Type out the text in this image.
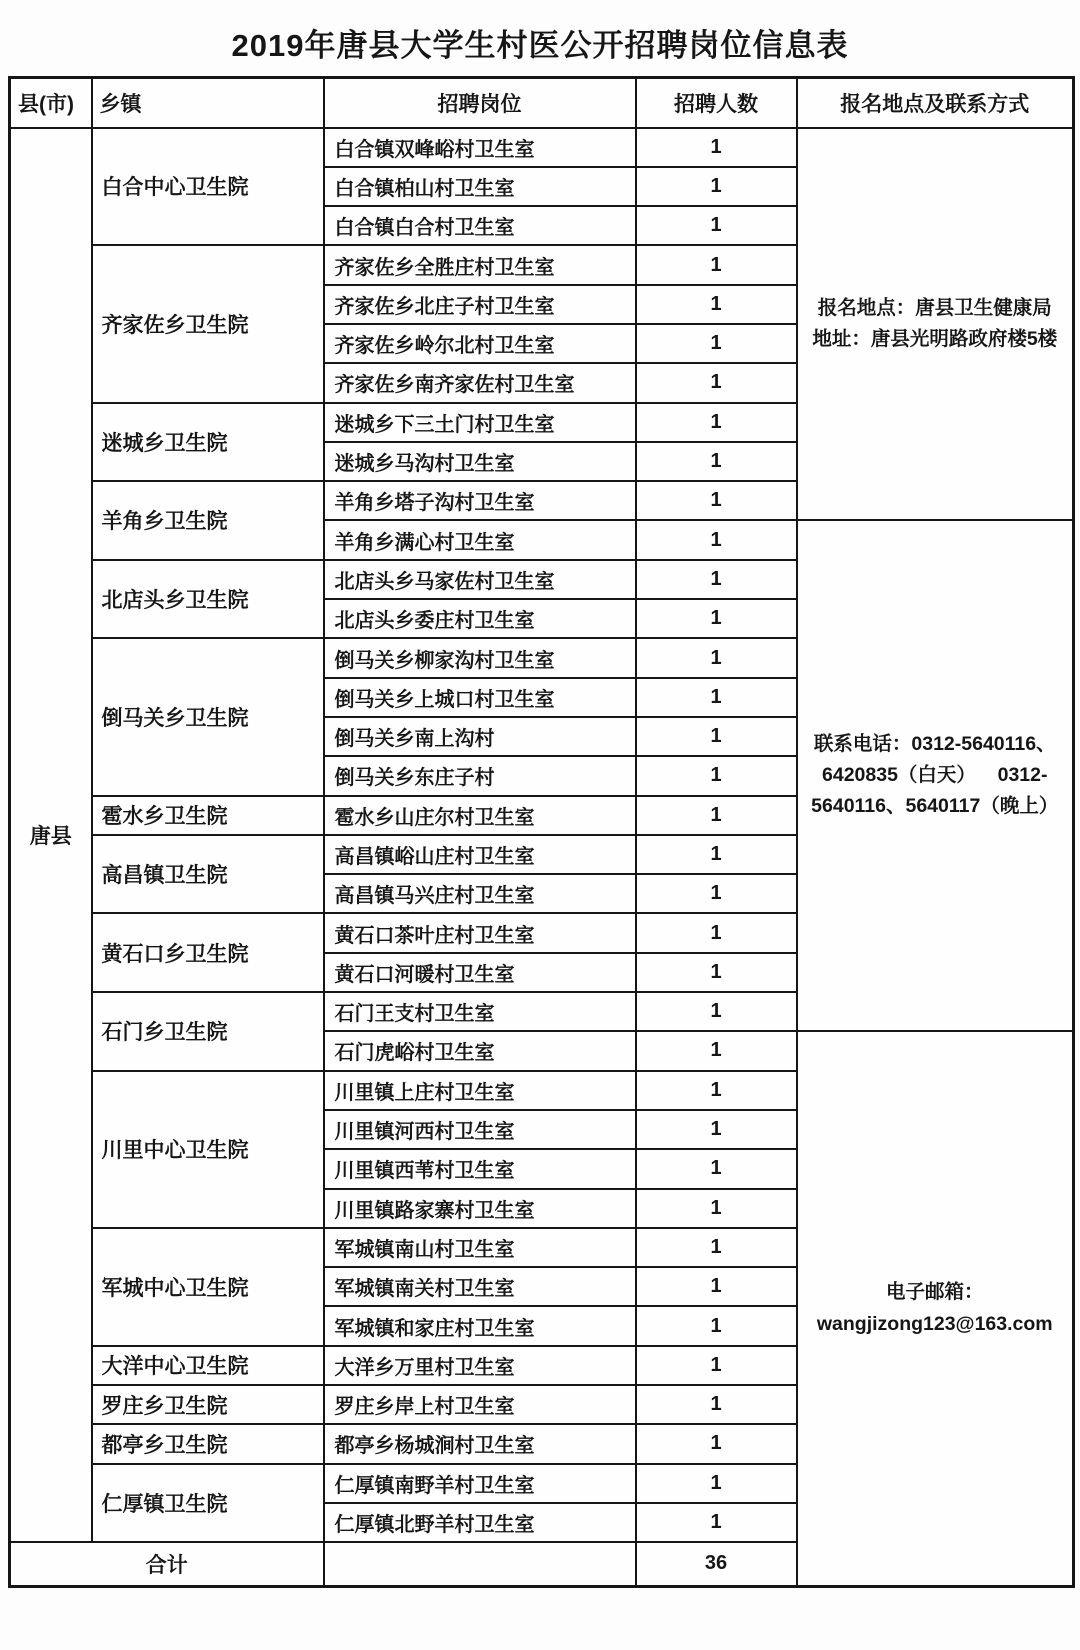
2019年唐县大学生村医公开招聘岗位信息表
县(市)	乡镇	招聘岗位	招聘人数	报名地点及联系方式
唐县	白合中心卫生院	白合镇双峰峪村卫生室	1	报名地点：唐县卫生健康局
地址：唐县光明路政府楼5楼

		白合镇柏山村卫生室	1	
		白合镇白合村卫生室	1	
	齐家佐乡卫生院	齐家佐乡全胜庄村卫生室	1	
		齐家佐乡北庄子村卫生室	1	
		齐家佐乡岭尔北村卫生室	1	
		齐家佐乡南齐家佐村卫生室	1	
	迷城乡卫生院	迷城乡下三土门村卫生室	1	
		迷城乡马沟村卫生室	1	
	羊角乡卫生院	羊角乡塔子沟村卫生室	1	
		羊角乡满心村卫生室	1	联系电话：0312-5640116、
6420835（白天）    0312-
5640116、5640117（晚上）

	北店头乡卫生院	北店头乡马家佐村卫生室	1	
		北店头乡委庄村卫生室	1	
	倒马关乡卫生院	倒马关乡柳家沟村卫生室	1	
		倒马关乡上城口村卫生室	1	
		倒马关乡南上沟村	1	
		倒马关乡东庄子村	1	
	雹水乡卫生院	雹水乡山庄尔村卫生室	1	
	高昌镇卫生院	高昌镇峪山庄村卫生室	1	
		高昌镇马兴庄村卫生室	1	
	黄石口乡卫生院	黄石口茶叶庄村卫生室	1	
		黄石口河暖村卫生室	1	
	石门乡卫生院	石门王支村卫生室	1	
		石门虎峪村卫生室	1	电子邮箱：
wangjizong123@163.com

	川里中心卫生院	川里镇上庄村卫生室	1	
		川里镇河西村卫生室	1	
		川里镇西苇村卫生室	1	
		川里镇路家寨村卫生室	1	
	军城中心卫生院	军城镇南山村卫生室	1	
		军城镇南关村卫生室	1	
		军城镇和家庄村卫生室	1	
	大洋中心卫生院	大洋乡万里村卫生室	1	
	罗庄乡卫生院	罗庄乡岸上村卫生室	1	
	都亭乡卫生院	都亭乡杨城涧村卫生室	1	
	仁厚镇卫生院	仁厚镇南野羊村卫生室	1	
		仁厚镇北野羊村卫生室	1	
合计			36	
